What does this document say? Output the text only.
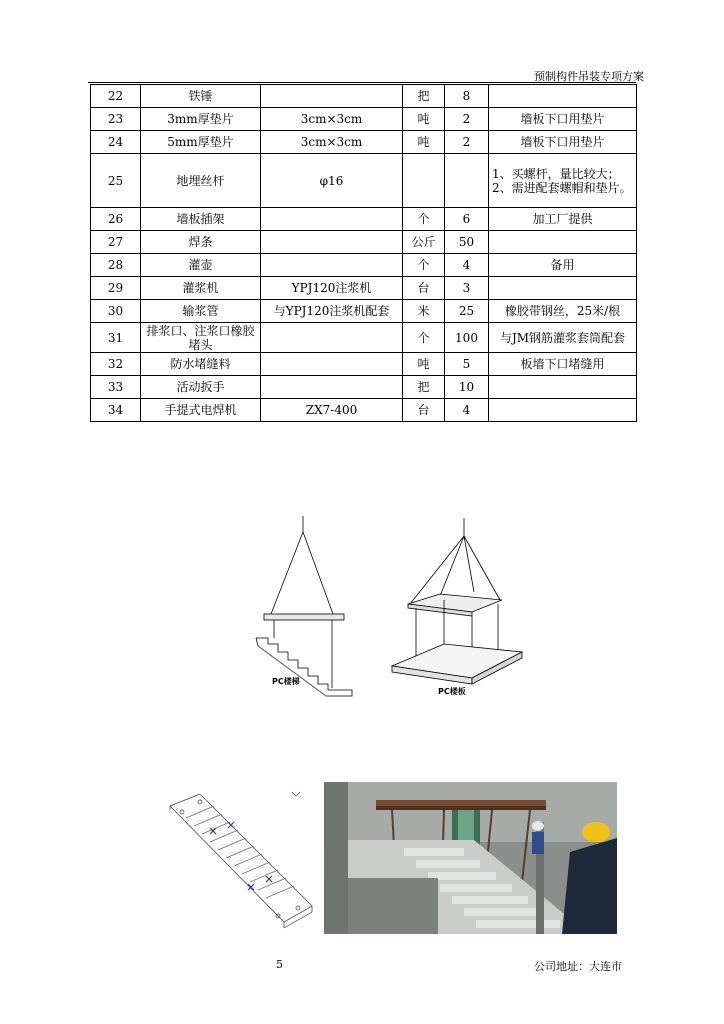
预制构件吊装专项方案
22	铁锤		把	8	
23	3mm厚垫片	3cm×3cm	吨	2	墙板下口用垫片
24	5mm厚垫片	3cm×3cm	吨	2	墙板下口用垫片
25	地埋丝杆	φ16			1、买螺杆，量比较大；2、需进配套螺帽和垫片。
26	墙板插架		个	6	加工厂提供
27	焊条		公斤	50	
28	灌壶		个	4	备用
29	灌浆机	YPJ120注浆机	台	3	
30	输浆管	与YPJ120注浆机配套	米	25	橡胶带钢丝，25米/根
31	排浆口、注浆口橡胶堵头		个	100	与JM钢筋灌浆套筒配套
32	防水堵缝料		吨	5	板墙下口堵缝用
33	活动扳手		把	10	
34	手提式电焊机	ZX7-400	台	4	
PC楼梯
PC楼板
5	公司地址：大连市
